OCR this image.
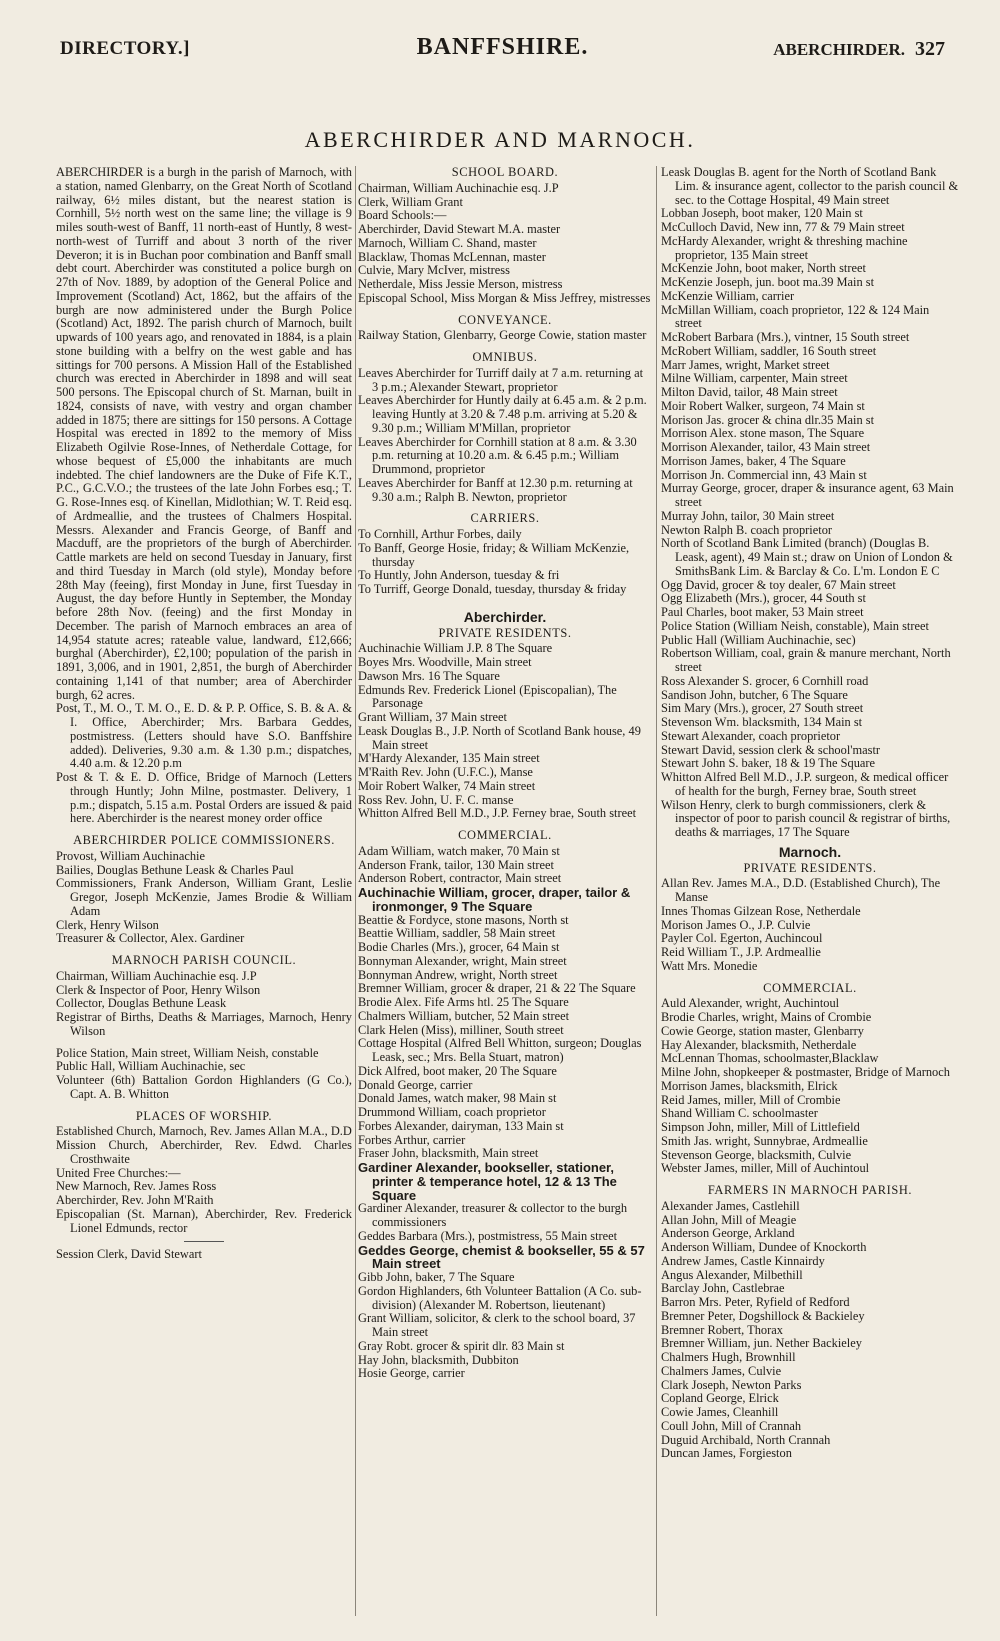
DIRECTORY.]	BANFFSHIRE.	ABERCHIRDER. 327
ABERCHIRDER AND MARNOCH.

ABERCHIRDER is a burgh in the parish of Marnoch, with a station, named Glenbarry, on the Great North of Scotland railway, 6½ miles distant, but the nearest station is Cornhill, 5½ north west on the same line; the village is 9 miles south-west of Banff, 11 north-east of Huntly, 8 west-north-west of Turriff and about 3 north of the river Deveron; it is in Buchan poor combination and Banff small debt court. Aberchirder was constituted a police burgh on 27th of Nov. 1889, by adoption of the General Police and Improvement (Scotland) Act, 1862, but the affairs of the burgh are now administered under the Burgh Police (Scotland) Act, 1892. The parish church of Marnoch, built upwards of 100 years ago, and renovated in 1884, is a plain stone building with a belfry on the west gable and has sittings for 700 persons. A Mission Hall of the Established church was erected in Aberchirder in 1898 and will seat 500 persons. The Episcopal church of St. Marnan, built in 1824, consists of nave, with vestry and organ chamber added in 1875; there are sittings for 150 persons. A Cottage Hospital was erected in 1892 to the memory of Miss Elizabeth Ogilvie Rose-Innes, of Netherdale Cottage, for whose bequest of £5,000 the inhabitants are much indebted. The chief landowners are the Duke of Fife K.T., P.C., G.C.V.O.; the trustees of the late John Forbes esq.; T. G. Rose-Innes esq. of Kinellan, Midlothian; W. T. Reid esq. of Ardmeallie, and the trustees of Chalmers Hospital. Messrs. Alexander and Francis George, of Banff and Macduff, are the proprietors of the burgh of Aberchirder. Cattle markets are held on second Tuesday in January, first and third Tuesday in March (old style), Monday before 28th May (feeing), first Monday in June, first Tuesday in August, the day before Huntly in September, the Monday before 28th Nov. (feeing) and the first Monday in December. The parish of Marnoch embraces an area of 14,954 statute acres; rateable value, landward, £12,666; burghal (Aberchirder), £2,100; population of the parish in 1891, 3,006, and in 1901, 2,851, the burgh of Aberchirder containing 1,141 of that number; area of Aberchirder burgh, 62 acres.

Post, T., M. O., T. M. O., E. D. & P. P. Office, S. B. & A. & I. Office, Aberchirder; Mrs. Barbara Geddes, postmistress. (Letters should have S.O. Banffshire added). Deliveries, 9.30 a.m. & 1.30 p.m.; dispatches, 4.40 a.m. & 12.20 p.m

Post & T. & E. D. Office, Bridge of Marnoch (Letters through Huntly; John Milne, postmaster. Delivery, 1 p.m.; dispatch, 5.15 a.m. Postal Orders are issued & paid here. Aberchirder is the nearest money order office

ABERCHIRDER POLICE COMMISSIONERS.

Provost, William Auchinachie

Bailies, Douglas Bethune Leask & Charles Paul

Commissioners, Frank Anderson, William Grant, Leslie Gregor, Joseph McKenzie, James Brodie & William Adam

Clerk, Henry Wilson

Treasurer & Collector, Alex. Gardiner

MARNOCH PARISH COUNCIL.

Chairman, William Auchinachie esq. J.P

Clerk & Inspector of Poor, Henry Wilson

Collector, Douglas Bethune Leask

Registrar of Births, Deaths & Marriages, Marnoch, Henry Wilson

Police Station, Main street, William Neish, constable

Public Hall, William Auchinachie, sec

Volunteer (6th) Battalion Gordon Highlanders (G Co.), Capt. A. B. Whitton

PLACES OF WORSHIP.

Established Church, Marnoch, Rev. James Allan M.A., D.D

Mission Church, Aberchirder, Rev. Edwd. Charles Crosthwaite

United Free Churches:—

New Marnoch, Rev. James Ross

Aberchirder, Rev. John M'Raith

Episcopalian (St. Marnan), Aberchirder, Rev. Frederick Lionel Edmunds, rector

Session Clerk, David Stewart

SCHOOL BOARD.

Chairman, William Auchinachie esq. J.P

Clerk, William Grant

Board Schools:—

Aberchirder, David Stewart M.A. master

Marnoch, William C. Shand, master

Blacklaw, Thomas McLennan, master

Culvie, Mary McIver, mistress

Netherdale, Miss Jessie Merson, mistress

Episcopal School, Miss Morgan & Miss Jeffrey, mistresses

CONVEYANCE.

Railway Station, Glenbarry, George Cowie, station master

OMNIBUS.

Leaves Aberchirder for Turriff daily at 7 a.m. returning at 3 p.m.; Alexander Stewart, proprietor

Leaves Aberchirder for Huntly daily at 6.45 a.m. & 2 p.m. leaving Huntly at 3.20 & 7.48 p.m. arriving at 5.20 & 9.30 p.m.; William M'Millan, proprietor

Leaves Aberchirder for Cornhill station at 8 a.m. & 3.30 p.m. returning at 10.20 a.m. & 6.45 p.m.; William Drummond, proprietor

Leaves Aberchirder for Banff at 12.30 p.m. returning at 9.30 a.m.; Ralph B. Newton, proprietor

CARRIERS.

To Cornhill, Arthur Forbes, daily

To Banff, George Hosie, friday; & William McKenzie, thursday

To Huntly, John Anderson, tuesday & fri

To Turriff, George Donald, tuesday, thursday & friday

Aberchirder.
PRIVATE RESIDENTS.

Auchinachie William J.P. 8 The Square

Boyes Mrs. Woodville, Main street

Dawson Mrs. 16 The Square

Edmunds Rev. Frederick Lionel (Episcopalian), The Parsonage

Grant William, 37 Main street

Leask Douglas B., J.P. North of Scotland Bank house, 49 Main street

M'Hardy Alexander, 135 Main street

M'Raith Rev. John (U.F.C.), Manse

Moir Robert Walker, 74 Main street

Ross Rev. John, U. F. C. manse

Whitton Alfred Bell M.D., J.P. Ferney brae, South street

COMMERCIAL.

Adam William, watch maker, 70 Main st

Anderson Frank, tailor, 130 Main street

Anderson Robert, contractor, Main street

Auchinachie William, grocer, draper, tailor & ironmonger, 9 The Square

Beattie & Fordyce, stone masons, North st

Beattie William, saddler, 58 Main street

Bodie Charles (Mrs.), grocer, 64 Main st

Bonnyman Alexander, wright, Main street

Bonnyman Andrew, wright, North street

Bremner William, grocer & draper, 21 & 22 The Square

Brodie Alex. Fife Arms htl. 25 The Square

Chalmers William, butcher, 52 Main street

Clark Helen (Miss), milliner, South street

Cottage Hospital (Alfred Bell Whitton, surgeon; Douglas Leask, sec.; Mrs. Bella Stuart, matron)

Dick Alfred, boot maker, 20 The Square

Donald George, carrier

Donald James, watch maker, 98 Main st

Drummond William, coach proprietor

Forbes Alexander, dairyman, 133 Main st

Forbes Arthur, carrier

Fraser John, blacksmith, Main street

Gardiner Alexander, bookseller, stationer, printer & temperance hotel, 12 & 13 The Square

Gardiner Alexander, treasurer & collector to the burgh commissioners

Geddes Barbara (Mrs.), postmistress, 55 Main street

Geddes George, chemist & bookseller, 55 & 57 Main street

Gibb John, baker, 7 The Square

Gordon Highlanders, 6th Volunteer Battalion (A Co. sub-division) (Alexander M. Robertson, lieutenant)

Grant William, solicitor, & clerk to the school board, 37 Main street

Gray Robt. grocer & spirit dlr. 83 Main st

Hay John, blacksmith, Dubbiton

Hosie George, carrier

Leask Douglas B. agent for the North of Scotland Bank Lim. & insurance agent, collector to the parish council & sec. to the Cottage Hospital, 49 Main street

Lobban Joseph, boot maker, 120 Main st

McCulloch David, New inn, 77 & 79 Main street

McHardy Alexander, wright & threshing machine proprietor, 135 Main street

McKenzie John, boot maker, North street

McKenzie Joseph, jun. boot ma.39 Main st

McKenzie William, carrier

McMillan William, coach proprietor, 122 & 124 Main street

McRobert Barbara (Mrs.), vintner, 15 South street

McRobert William, saddler, 16 South street

Marr James, wright, Market street

Milne William, carpenter, Main street

Milton David, tailor, 48 Main street

Moir Robert Walker, surgeon, 74 Main st

Morison Jas. grocer & china dlr.35 Main st

Morrison Alex. stone mason, The Square

Morrison Alexander, tailor, 43 Main street

Morrison James, baker, 4 The Square

Morrison Jn. Commercial inn, 43 Main st

Murray George, grocer, draper & insurance agent, 63 Main street

Murray John, tailor, 30 Main street

Newton Ralph B. coach proprietor

North of Scotland Bank Limited (branch) (Douglas B. Leask, agent), 49 Main st.; draw on Union of London & SmithsBank Lim. & Barclay & Co. L'm. London E C

Ogg David, grocer & toy dealer, 67 Main street

Ogg Elizabeth (Mrs.), grocer, 44 South st

Paul Charles, boot maker, 53 Main street

Police Station (William Neish, constable), Main street

Public Hall (William Auchinachie, sec)

Robertson William, coal, grain & manure merchant, North street

Ross Alexander S. grocer, 6 Cornhill road

Sandison John, butcher, 6 The Square

Sim Mary (Mrs.), grocer, 27 South street

Stevenson Wm. blacksmith, 134 Main st

Stewart Alexander, coach proprietor

Stewart David, session clerk & school'mastr

Stewart John S. baker, 18 & 19 The Square

Whitton Alfred Bell M.D., J.P. surgeon, & medical officer of health for the burgh, Ferney brae, South street

Wilson Henry, clerk to burgh commissioners, clerk & inspector of poor to parish council & registrar of births, deaths & marriages, 17 The Square

Marnoch.
PRIVATE RESIDENTS.

Allan Rev. James M.A., D.D. (Established Church), The Manse

Innes Thomas Gilzean Rose, Netherdale

Morison James O., J.P. Culvie

Payler Col. Egerton, Auchincoul

Reid William T., J.P. Ardmeallie

Watt Mrs. Monedie

COMMERCIAL.

Auld Alexander, wright, Auchintoul

Brodie Charles, wright, Mains of Crombie

Cowie George, station master, Glenbarry

Hay Alexander, blacksmith, Netherdale

McLennan Thomas, schoolmaster,Blacklaw

Milne John, shopkeeper & postmaster, Bridge of Marnoch

Morrison James, blacksmith, Elrick

Reid James, miller, Mill of Crombie

Shand William C. schoolmaster

Simpson John, miller, Mill of Littlefield

Smith Jas. wright, Sunnybrae, Ardmeallie

Stevenson George, blacksmith, Culvie

Webster James, miller, Mill of Auchintoul

FARMERS IN MARNOCH PARISH.

Alexander James, Castlehill

Allan John, Mill of Meagie

Anderson George, Arkland

Anderson William, Dundee of Knockorth

Andrew James, Castle Kinnairdy

Angus Alexander, Milbethill

Barclay John, Castlebrae

Barron Mrs. Peter, Ryfield of Redford

Bremner Peter, Dogshillock & Backieley

Bremner Robert, Thorax

Bremner William, jun. Nether Backieley

Chalmers Hugh, Brownhill

Chalmers James, Culvie

Clark Joseph, Newton Parks

Copland George, Elrick

Cowie James, Cleanhill

Coull John, Mill of Crannah

Duguid Archibald, North Crannah

Duncan James, Forgieston
